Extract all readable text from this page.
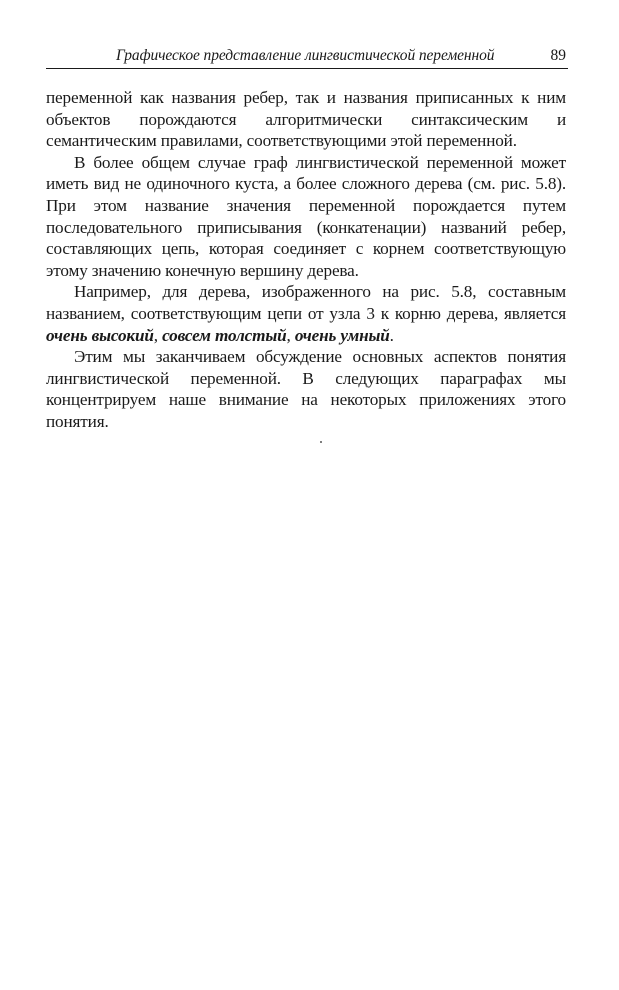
Графическое представление лингвистической переменной	89

переменной как названия ребер, так и названия приписанных к ним объектов порождаются алгоритмически синтаксическим и семантическим правилами, соответствующими этой переменной.

В более общем случае граф лингвистической переменной может иметь вид не одиночного куста, а более сложного дерева (см. рис. 5.8). При этом название значения переменной порождается путем последовательного приписывания (конкатенации) названий ребер, составляющих цепь, которая соединяет с корнем соответствующую этому значению конечную вершину дерева.

Например, для дерева, изображенного на рис. 5.8, составным названием, соответствующим цепи от узла 3 к корню дерева, является очень высокий, совсем толстый, очень умный.

Этим мы заканчиваем обсуждение основных аспектов понятия лингвистической переменной. В следующих параграфах мы концентрируем наше внимание на некоторых приложениях этого понятия.
